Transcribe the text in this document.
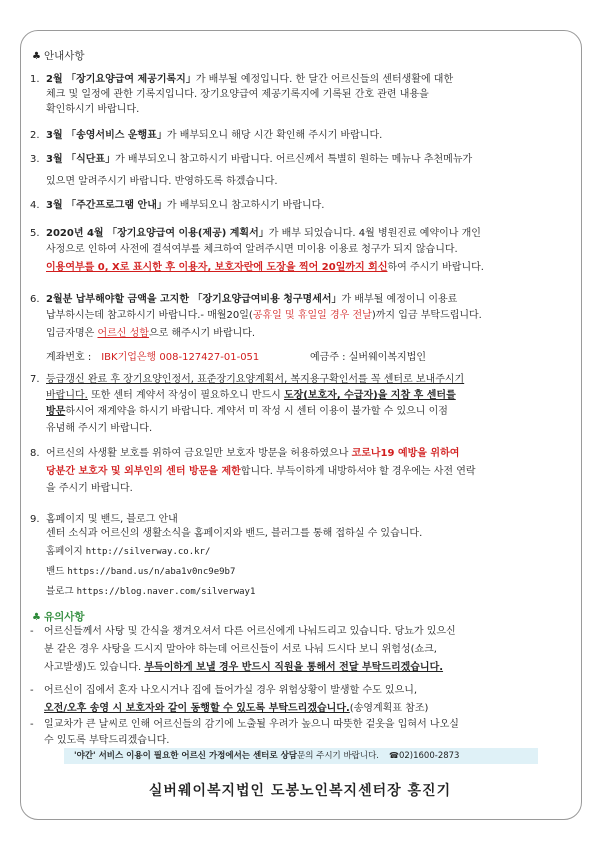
♣ 안내사항
1. 2월 「장기요양급여 제공기록지」가 배부될 예정입니다. 한 달간 어르신들의 센터생활에 대한
체크 및 일정에 관한 기록지입니다. 장기요양급여 제공기록지에 기록된 간호 관련 내용을
확인하시기 바랍니다.
2. 3월 「송영서비스 운행표」가 배부되오니 해당 시간 확인해 주시기 바랍니다.
3. 3월 「식단표」가 배부되오니 참고하시기 바랍니다. 어르신께서 특별히 원하는 메뉴나 추천메뉴가
있으면 알려주시기 바랍니다. 반영하도록 하겠습니다.
4. 3월 「주간프로그램 안내」가 배부되오니 참고하시기 바랍니다.
5. 2020년 4월 「장기요양급여 이용(제공) 계획서」가 배부 되었습니다. 4월 병원진료 예약이나 개인
사정으로 인하여 사전에 결석여부를 체크하여 알려주시면 미이용 이용료 청구가 되지 않습니다.
이용여부를 0, X로 표시한 후 이용자, 보호자란에 도장을 찍어 20일까지 회신하여 주시기 바랍니다.
6. 2월분 납부해야할 금액을 고지한 「장기요양급여비용 청구명세서」가 배부될 예정이니 이용료
납부하시는데 참고하시기 바랍니다.- 매월20일(공휴일 및 휴일일 경우 전날)까지 입금 부탁드립니다.
입금자명은 어르신 성함으로 해주시기 바랍니다.
7. 등급갱신 완료 후 장기요양인정서, 표준장기요양계획서, 복지용구확인서를 꼭 센터로 보내주시기
바랍니다. 또한 센터 계약서 작성이 필요하오니 반드시 도장(보호자, 수급자)을 지참 후 센터를
방문하시어 재계약을 하시기 바랍니다. 계약서 미 작성 시 센터 이용이 불가할 수 있으니 이점
유념해 주시기 바랍니다.
8. 어르신의 사생활 보호를 위하여 금요일만 보호자 방문을 허용하였으나 코로나19 예방을 위하여
당분간 보호자 및 외부인의 센터 방문을 제한합니다. 부득이하게 내방하셔야 할 경우에는 사전 연락
을 주시기 바랍니다.
9. 홈페이지 및 밴드, 블로그 안내
센터 소식과 어르신의 생활소식을 홈페이지와 밴드, 블러그를 통해 접하실 수 있습니다.
계좌번호 : IBK기업은행 008-127427-01-051	예금주 : 실버웨이복지법인
홈페이지 http://silverway.co.kr/
밴드 https://band.us/n/aba1v0nc9e9b7
블로그 https://blog.naver.com/silverway1
♣ 유의사항
-	어르신들께서 사탕 및 간식을 챙겨오셔서 다른 어르신에게 나눠드리고 있습니다. 당뇨가 있으신
분 같은 경우 사탕을 드시지 말아야 하는데 어르신들이 서로 나눠 드시다 보니 위험성(쇼크,
사고발생)도 있습니다. 부득이하게 보낼 경우 반드시 직원을 통해서 전달 부탁드리겠습니다.
-	어르신이 집에서 혼자 나오시거나 집에 들어가실 경우 위험상황이 발생할 수도 있으니,
오전/오후 송영 시 보호자와 같이 동행할 수 있도록 부탁드리겠습니다.(송영계획표 참조)
-	일교차가 큰 날씨로 인해 어르신들의 감기에 노출될 우려가 높으니 따뜻한 겉옷을 입혀서 나오실
수 있도록 부탁드리겠습니다.
'야간' 서비스 이용이 필요한 어르신 가정에서는 센터로 상담문의 주시기 바랍니다. ☎02)1600-2873
실버웨이복지법인 도봉노인복지센터장 홍진기
